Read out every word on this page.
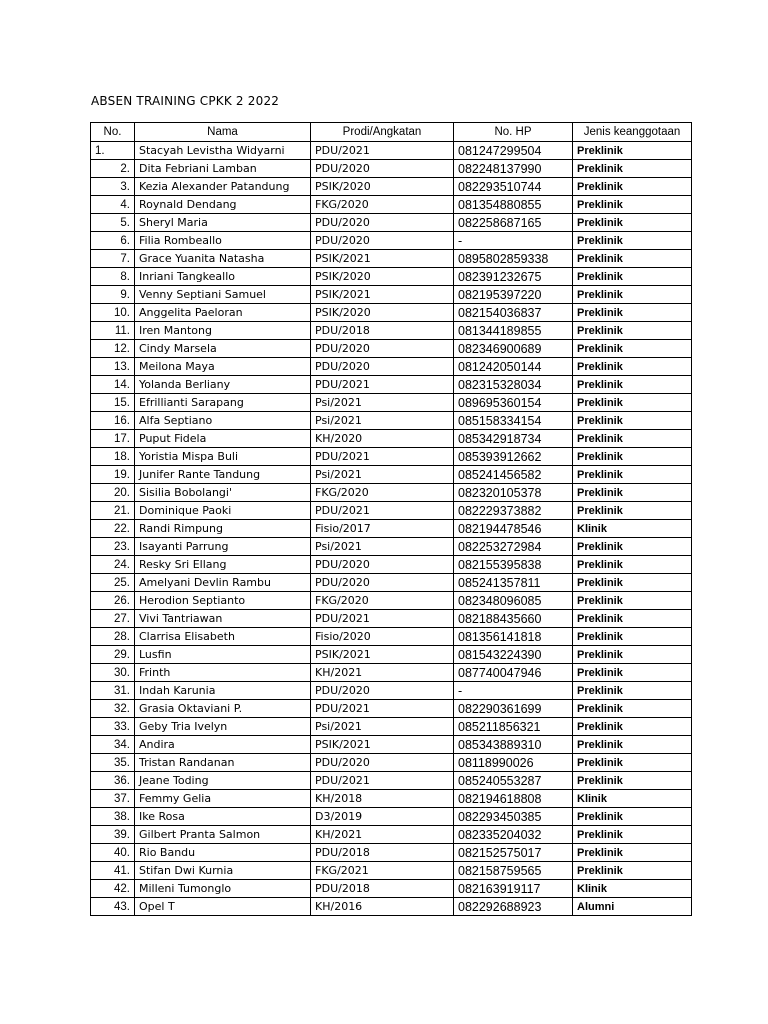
ABSEN TRAINING CPKK 2 2022
No.	Nama	Prodi/Angkatan	No. HP	Jenis keanggotaan
1.	Stacyah Levistha Widyarni	PDU/2021	081247299504	Preklinik
2.	Dita Febriani Lamban	PDU/2020	082248137990	Preklinik
3.	Kezia Alexander Patandung	PSIK/2020	082293510744	Preklinik
4.	Roynald Dendang	FKG/2020	081354880855	Preklinik
5.	Sheryl Maria	PDU/2020	082258687165	Preklinik
6.	Filia Rombeallo	PDU/2020	-	Preklinik
7.	Grace Yuanita Natasha	PSIK/2021	0895802859338	Preklinik
8.	Inriani Tangkeallo	PSIK/2020	082391232675	Preklinik
9.	Venny Septiani Samuel	PSIK/2021	082195397220	Preklinik
10.	Anggelita Paeloran	PSIK/2020	082154036837	Preklinik
11.	Iren Mantong	PDU/2018	081344189855	Preklinik
12.	Cindy Marsela	PDU/2020	082346900689	Preklinik
13.	Meilona Maya	PDU/2020	081242050144	Preklinik
14.	Yolanda Berliany	PDU/2021	082315328034	Preklinik
15.	Efrillianti Sarapang	Psi/2021	089695360154	Preklinik
16.	Alfa Septiano	Psi/2021	085158334154	Preklinik
17.	Puput Fidela	KH/2020	085342918734	Preklinik
18.	Yoristia Mispa Buli	PDU/2021	085393912662	Preklinik
19.	Junifer Rante Tandung	Psi/2021	085241456582	Preklinik
20.	Sisilia Bobolangi'	FKG/2020	082320105378	Preklinik
21.	Dominique Paoki	PDU/2021	082229373882	Preklinik
22.	Randi Rimpung	Fisio/2017	082194478546	Klinik
23.	Isayanti Parrung	Psi/2021	082253272984	Preklinik
24.	Resky Sri Ellang	PDU/2020	082155395838	Preklinik
25.	Amelyani Devlin Rambu	PDU/2020	085241357811	Preklinik
26.	Herodion Septianto	FKG/2020	082348096085	Preklinik
27.	Vivi Tantriawan	PDU/2021	082188435660	Preklinik
28.	Clarrisa Elisabeth	Fisio/2020	081356141818	Preklinik
29.	Lusfin	PSIK/2021	081543224390	Preklinik
30.	Frinth	KH/2021	087740047946	Preklinik
31.	Indah Karunia	PDU/2020	-	Preklinik
32.	Grasia Oktaviani P.	PDU/2021	082290361699	Preklinik
33.	Geby Tria Ivelyn	Psi/2021	085211856321	Preklinik
34.	Andira	PSIK/2021	085343889310	Preklinik
35.	Tristan Randanan	PDU/2020	08118990026	Preklinik
36.	Jeane Toding	PDU/2021	085240553287	Preklinik
37.	Femmy Gelia	KH/2018	082194618808	Klinik
38.	Ike Rosa	D3/2019	082293450385	Preklinik
39.	Gilbert Pranta Salmon	KH/2021	082335204032	Preklinik
40.	Rio Bandu	PDU/2018	082152575017	Preklinik
41.	Stifan Dwi Kurnia	FKG/2021	082158759565	Preklinik
42.	Milleni Tumonglo	PDU/2018	082163919117	Klinik
43.	Opel T	KH/2016	082292688923	Alumni
